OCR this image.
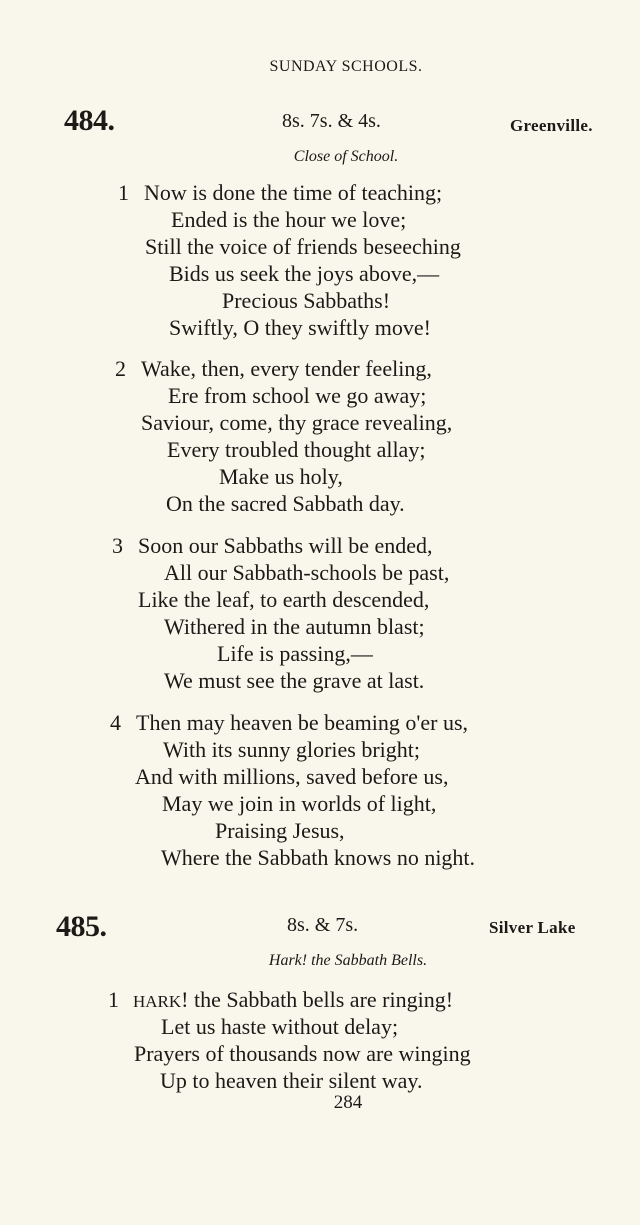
SUNDAY SCHOOLS.
484.	8s. 7s. & 4s.	Greenville.
Close of School.
1 Now is done the time of teaching;
Ended is the hour we love;
Still the voice of friends beseeching
Bids us seek the joys above,—
Precious Sabbaths!
Swiftly, O they swiftly move!
2 Wake, then, every tender feeling,
Ere from school we go away;
Saviour, come, thy grace revealing,
Every troubled thought allay;
Make us holy,
On the sacred Sabbath day.
3 Soon our Sabbaths will be ended,
All our Sabbath-schools be past,
Like the leaf, to earth descended,
Withered in the autumn blast;
Life is passing,—
We must see the grave at last.
4 Then may heaven be beaming o'er us,
With its sunny glories bright;
And with millions, saved before us,
May we join in worlds of light,
Praising Jesus,
Where the Sabbath knows no night.
485.	8s. & 7s.	Silver Lake
Hark! the Sabbath Bells.
1 HARK! the Sabbath bells are ringing!
Let us haste without delay;
Prayers of thousands now are winging
Up to heaven their silent way.
284
